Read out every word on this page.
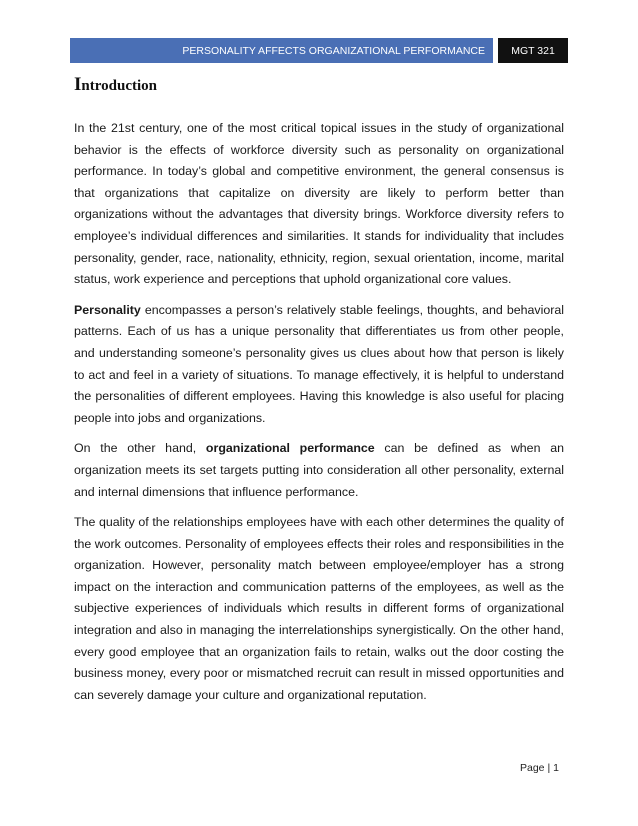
PERSONALITY AFFECTS ORGANIZATIONAL PERFORMANCE	MGT 321
Introduction

In the 21st century, one of the most critical topical issues in the study of organizational behavior is the effects of workforce diversity such as personality on organizational performance. In today’s global and competitive environment, the general consensus is that organizations that capitalize on diversity are likely to perform better than organizations without the advantages that diversity brings. Workforce diversity refers to employee’s individual differences and similarities. It stands for individuality that includes personality, gender, race, nationality, ethnicity, region, sexual orientation, income, marital status, work experience and perceptions that uphold organizational core values.

Personality encompasses a person’s relatively stable feelings, thoughts, and behavioral patterns. Each of us has a unique personality that differentiates us from other people, and understanding someone’s personality gives us clues about how that person is likely to act and feel in a variety of situations. To manage effectively, it is helpful to understand the personalities of different employees. Having this knowledge is also useful for placing people into jobs and organizations.

On the other hand, organizational performance can be defined as when an organization meets its set targets putting into consideration all other personality, external and internal dimensions that influence performance.

The quality of the relationships employees have with each other determines the quality of the work outcomes. Personality of employees effects their roles and responsibilities in the organization. However, personality match between employee/employer has a strong impact on the interaction and communication patterns of the employees, as well as the subjective experiences of individuals which results in different forms of organizational integration and also in managing the interrelationships synergistically. On the other hand, every good employee that an organization fails to retain, walks out the door costing the business money, every poor or mismatched recruit can result in missed opportunities and can severely damage your culture and organizational reputation.

Page | 1
